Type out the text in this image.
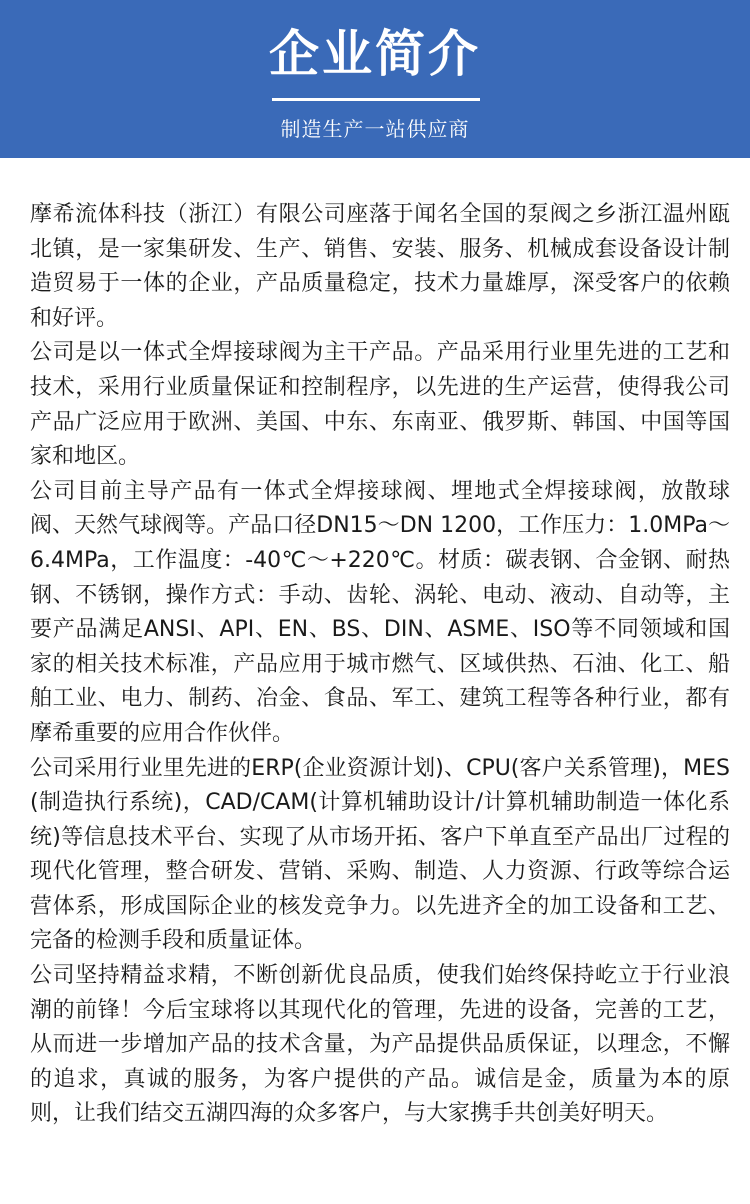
企业简介
制造生产一站供应商

摩希流体科技（浙江）有限公司座落于闻名全国的泵阀之乡浙江温州瓯北镇，是一家集研发、生产、销售、安装、服务、机械成套设备设计制造贸易于一体的企业，产品质量稳定，技术力量雄厚，深受客户的依赖和好评。

公司是以一体式全焊接球阀为主干产品。产品采用行业里先进的工艺和技术，采用行业质量保证和控制程序，以先进的生产运营，使得我公司产品广泛应用于欧洲、美国、中东、东南亚、俄罗斯、韩国、中国等国家和地区。

公司目前主导产品有一体式全焊接球阀、埋地式全焊接球阀，放散球阀、天然气球阀等。产品口径DN15～DN 1200，工作压力：1.0MPa～6.4MPa，工作温度：-40℃～+220℃。材质：碳表钢、合金钢、耐热钢、不锈钢，操作方式：手动、齿轮、涡轮、电动、液动、自动等，主要产品满足ANSI、API、EN、BS、DIN、ASME、ISO等不同领域和国家的相关技术标准，产品应用于城市燃气、区域供热、石油、化工、船舶工业、电力、制药、冶金、食品、军工、建筑工程等各种行业，都有摩希重要的应用合作伙伴。

公司采用行业里先进的ERP(企业资源计划)、CPU(客户关系管理)，MES(制造执行系统)，CAD/CAM(计算机辅助设计/计算机辅助制造一体化系统)等信息技术平台、实现了从市场开拓、客户下单直至产品出厂过程的现代化管理，整合研发、营销、采购、制造、人力资源、行政等综合运营体系，形成国际企业的核发竞争力。以先进齐全的加工设备和工艺、完备的检测手段和质量证体。

公司坚持精益求精，不断创新优良品质，使我们始终保持屹立于行业浪潮的前锋！今后宝球将以其现代化的管理，先进的设备，完善的工艺，从而进一步增加产品的技术含量，为产品提供品质保证，以理念，不懈的追求，真诚的服务，为客户提供的产品。诚信是金，质量为本的原则，让我们结交五湖四海的众多客户，与大家携手共创美好明天。
